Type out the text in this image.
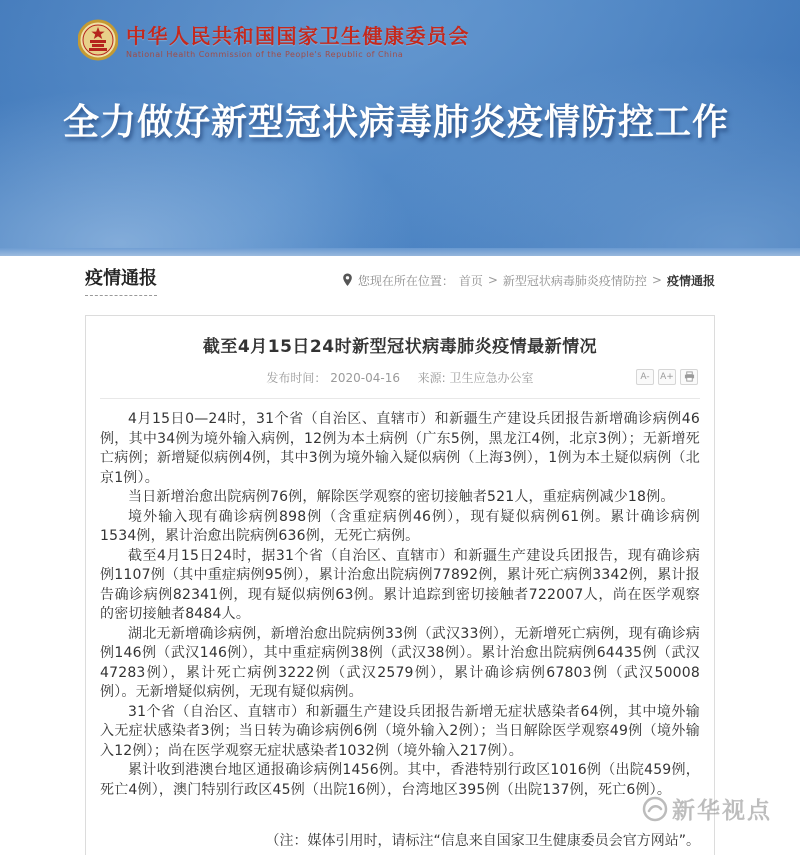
中华人民共和国国家卫生健康委员会
National Health Commission of the People's Republic of China
全力做好新型冠状病毒肺炎疫情防控工作
疫情通报	您现在所在位置： 首页 > 新型冠状病毒肺炎疫情防控 > 疫情通报
截至4月15日24时新型冠状病毒肺炎疫情最新情况
发布时间： 2020-04-16 来源: 卫生应急办公室	A-	A+

4月15日0—24时，31个省（自治区、直辖市）和新疆生产建设兵团报告新增确诊病例46例，其中34例为境外输入病例，12例为本土病例（广东5例，黑龙江4例，北京3例）；无新增死亡病例；新增疑似病例4例，其中3例为境外输入疑似病例（上海3例），1例为本土疑似病例（北京1例）。

当日新增治愈出院病例76例，解除医学观察的密切接触者521人，重症病例减少18例。

境外输入现有确诊病例898例（含重症病例46例），现有疑似病例61例。累计确诊病例1534例，累计治愈出院病例636例，无死亡病例。

截至4月15日24时，据31个省（自治区、直辖市）和新疆生产建设兵团报告，现有确诊病例1107例（其中重症病例95例），累计治愈出院病例77892例，累计死亡病例3342例，累计报告确诊病例82341例，现有疑似病例63例。累计追踪到密切接触者722007人，尚在医学观察的密切接触者8484人。

湖北无新增确诊病例，新增治愈出院病例33例（武汉33例），无新增死亡病例，现有确诊病例146例（武汉146例），其中重症病例38例（武汉38例）。累计治愈出院病例64435例（武汉47283例），累计死亡病例3222例（武汉2579例），累计确诊病例67803例（武汉50008例）。无新增疑似病例，无现有疑似病例。

31个省（自治区、直辖市）和新疆生产建设兵团报告新增无症状感染者64例，其中境外输入无症状感染者3例；当日转为确诊病例6例（境外输入2例）；当日解除医学观察49例（境外输入12例）；尚在医学观察无症状感染者1032例（境外输入217例）。

累计收到港澳台地区通报确诊病例1456例。其中，香港特别行政区1016例（出院459例，死亡4例），澳门特别行政区45例（出院16例），台湾地区395例（出院137例，死亡6例）。

（注：媒体引用时，请标注“信息来自国家卫生健康委员会官方网站”。

新华视点
